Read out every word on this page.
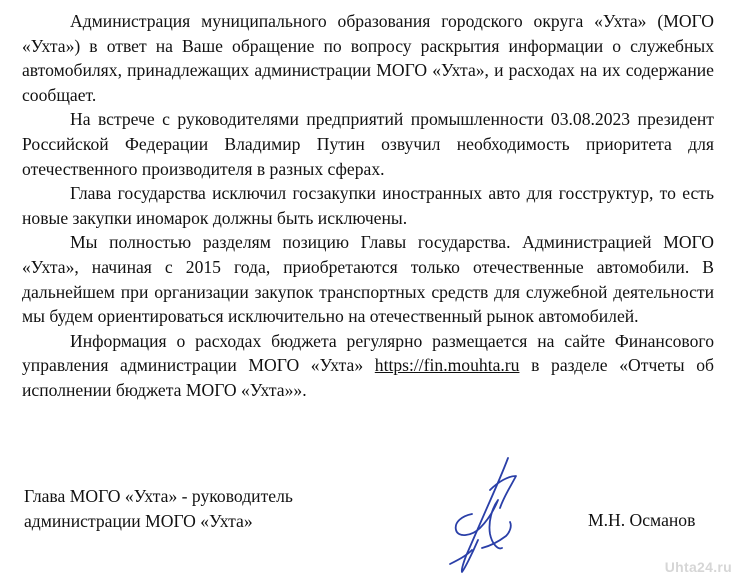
Администрация муниципального образования городского округа «Ухта» (МОГО «Ухта») в ответ на Ваше обращение по вопросу раскрытия информации о служебных автомобилях, принадлежащих администрации МОГО «Ухта», и расходах на их содержание сообщает.

На встрече с руководителями предприятий промышленности 03.08.2023 президент Российской Федерации Владимир Путин озвучил необходимость приоритета для отечественного производителя в разных сферах.

Глава государства исключил госзакупки иностранных авто для госструктур, то есть новые закупки иномарок должны быть исключены.

Мы полностью разделям позицию Главы государства. Администрацией МОГО «Ухта», начиная с 2015 года, приобретаются только отечественные автомобили. В дальнейшем при организации закупок транспортных средств для служебной деятельности мы будем ориентироваться исключительно на отечественный рынок автомобилей.

Информация о расходах бюджета регулярно размещается на сайте Финансового управления администрации МОГО «Ухта» https://fin.mouhta.ru в разделе «Отчеты об исполнении бюджета МОГО «Ухта»».

Глава МОГО «Ухта» - руководитель
администрации МОГО «Ухта»	М.Н. Османов
Uhta24.ru
